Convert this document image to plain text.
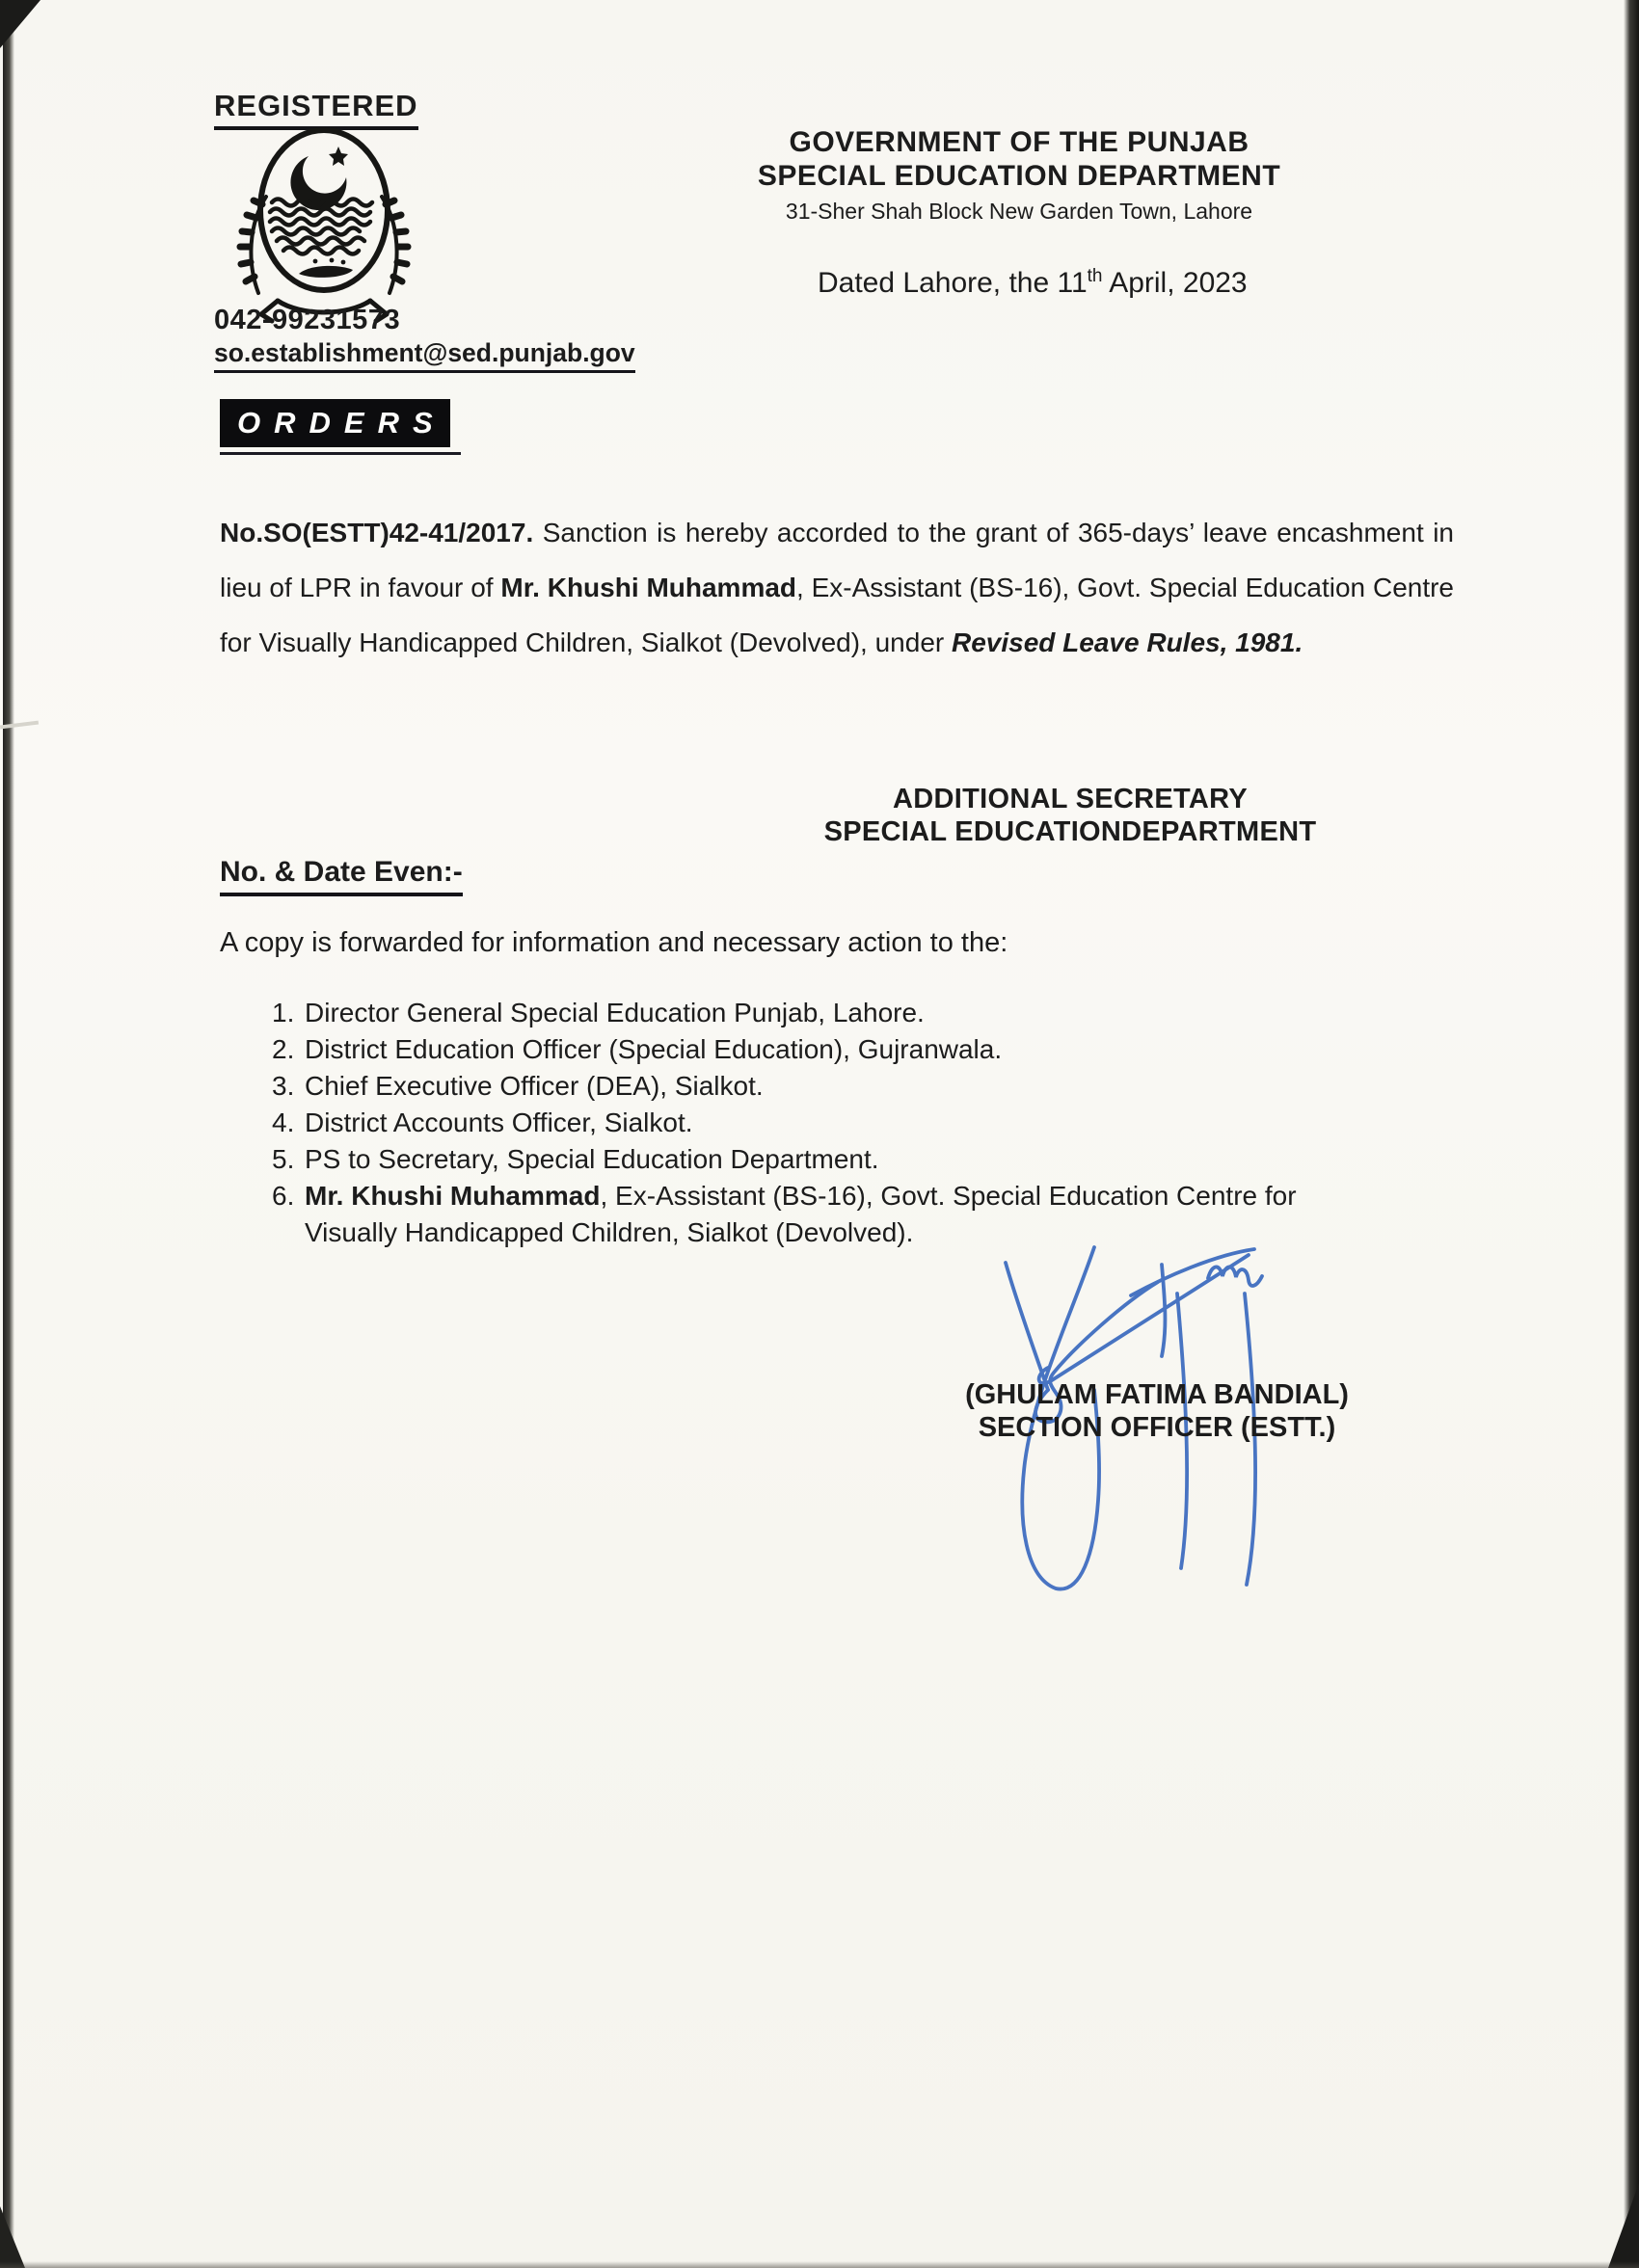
REGISTERED
042-99231573
so.establishment@sed.punjab.gov
GOVERNMENT OF THE PUNJAB
SPECIAL EDUCATION DEPARTMENT
31-Sher Shah Block New Garden Town, Lahore
Dated Lahore, the 11th April, 2023
ORDERS

No.SO(ESTT)42-41/2017. Sanction is hereby accorded to the grant of 365-days’ leave encashment in lieu of LPR in favour of Mr. Khushi Muhammad, Ex-Assistant (BS-16), Govt. Special Education Centre for Visually Handicapped Children, Sialkot (Devolved), under Revised Leave Rules, 1981.

ADDITIONAL SECRETARY
SPECIAL EDUCATIONDEPARTMENT
No. & Date Even:-
A copy is forwarded for information and necessary action to the:
1. Director General Special Education Punjab, Lahore.
2. District Education Officer (Special Education), Gujranwala.
3. Chief Executive Officer (DEA), Sialkot.
4. District Accounts Officer, Sialkot.
5. PS to Secretary, Special Education Department.
6. Mr. Khushi Muhammad, Ex-Assistant (BS-16), Govt. Special Education Centre for Visually Handicapped Children, Sialkot (Devolved).
(GHULAM FATIMA BANDIAL)
SECTION OFFICER (ESTT.)
